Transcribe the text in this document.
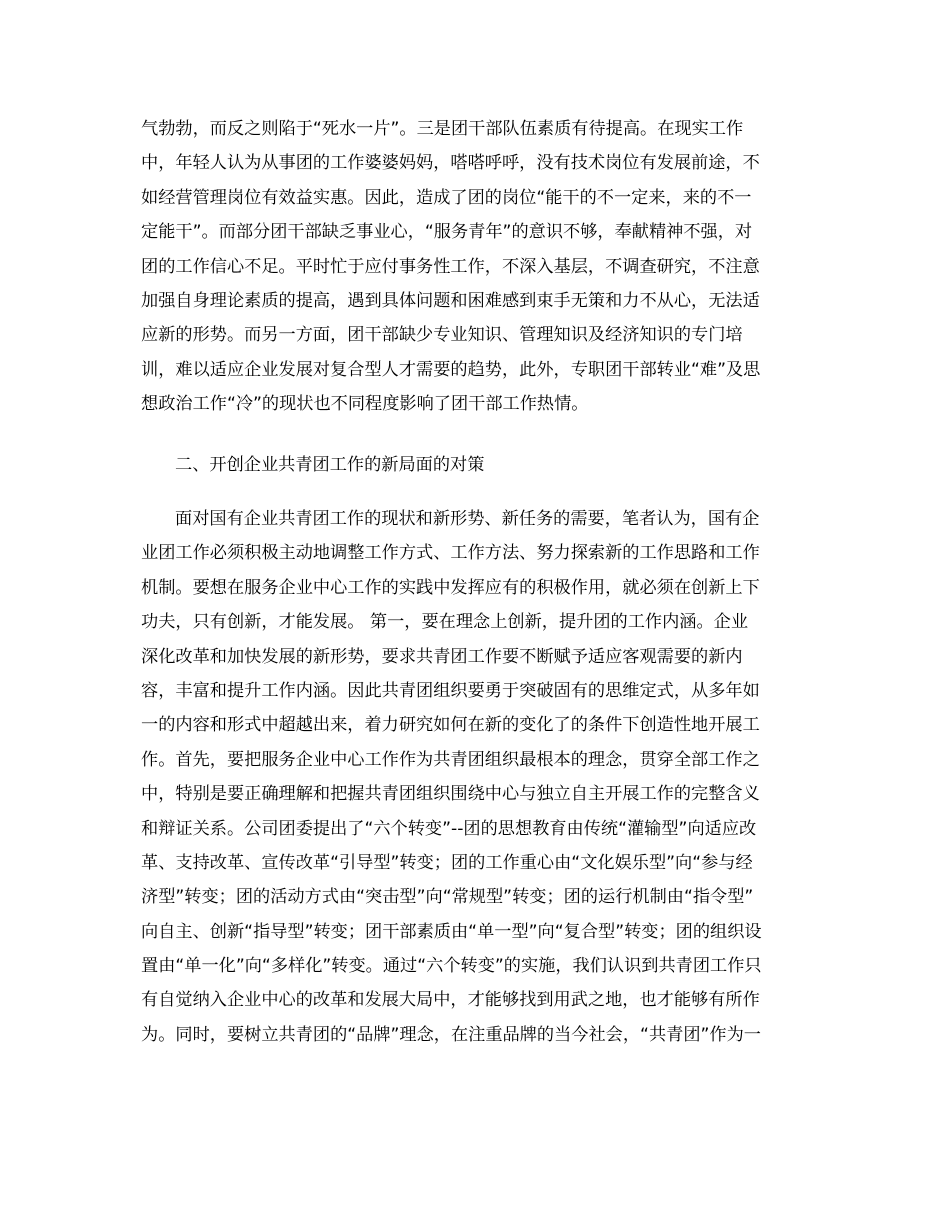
气勃勃，而反之则陷于“死水一片”。三是团干部队伍素质有待提高。在现实工作
中，年轻人认为从事团的工作婆婆妈妈，嗒嗒呼呼，没有技术岗位有发展前途，不
如经营管理岗位有效益实惠。因此，造成了团的岗位“能干的不一定来，来的不一
定能干”。而部分团干部缺乏事业心，“服务青年”的意识不够，奉献精神不强，对
团的工作信心不足。平时忙于应付事务性工作，不深入基层，不调查研究，不注意
加强自身理论素质的提高，遇到具体问题和困难感到束手无策和力不从心，无法适
应新的形势。而另一方面，团干部缺少专业知识、管理知识及经济知识的专门培
训，难以适应企业发展对复合型人才需要的趋势，此外，专职团干部转业“难”及思
想政治工作“冷”的现状也不同程度影响了团干部工作热情。
二、开创企业共青团工作的新局面的对策
面对国有企业共青团工作的现状和新形势、新任务的需要，笔者认为，国有企
业团工作必须积极主动地调整工作方式、工作方法、努力探索新的工作思路和工作
机制。要想在服务企业中心工作的实践中发挥应有的积极作用，就必须在创新上下
功夫，只有创新，才能发展。 第一，要在理念上创新，提升团的工作内涵。企业
深化改革和加快发展的新形势，要求共青团工作要不断赋予适应客观需要的新内
容，丰富和提升工作内涵。因此共青团组织要勇于突破固有的思维定式，从多年如
一的内容和形式中超越出来，着力研究如何在新的变化了的条件下创造性地开展工
作。首先，要把服务企业中心工作作为共青团组织最根本的理念，贯穿全部工作之
中，特别是要正确理解和把握共青团组织围绕中心与独立自主开展工作的完整含义
和辩证关系。公司团委提出了“六个转变”--团的思想教育由传统“灌输型”向适应改
革、支持改革、宣传改革“引导型”转变；团的工作重心由“文化娱乐型”向“参与经
济型”转变；团的活动方式由“突击型”向“常规型”转变；团的运行机制由“指令型”
向自主、创新“指导型”转变；团干部素质由“单一型”向“复合型”转变；团的组织设
置由“单一化”向“多样化”转变。通过“六个转变”的实施，我们认识到共青团工作只
有自觉纳入企业中心的改革和发展大局中，才能够找到用武之地，也才能够有所作
为。同时，要树立共青团的“品牌”理念，在注重品牌的当今社会，“共青团”作为一
